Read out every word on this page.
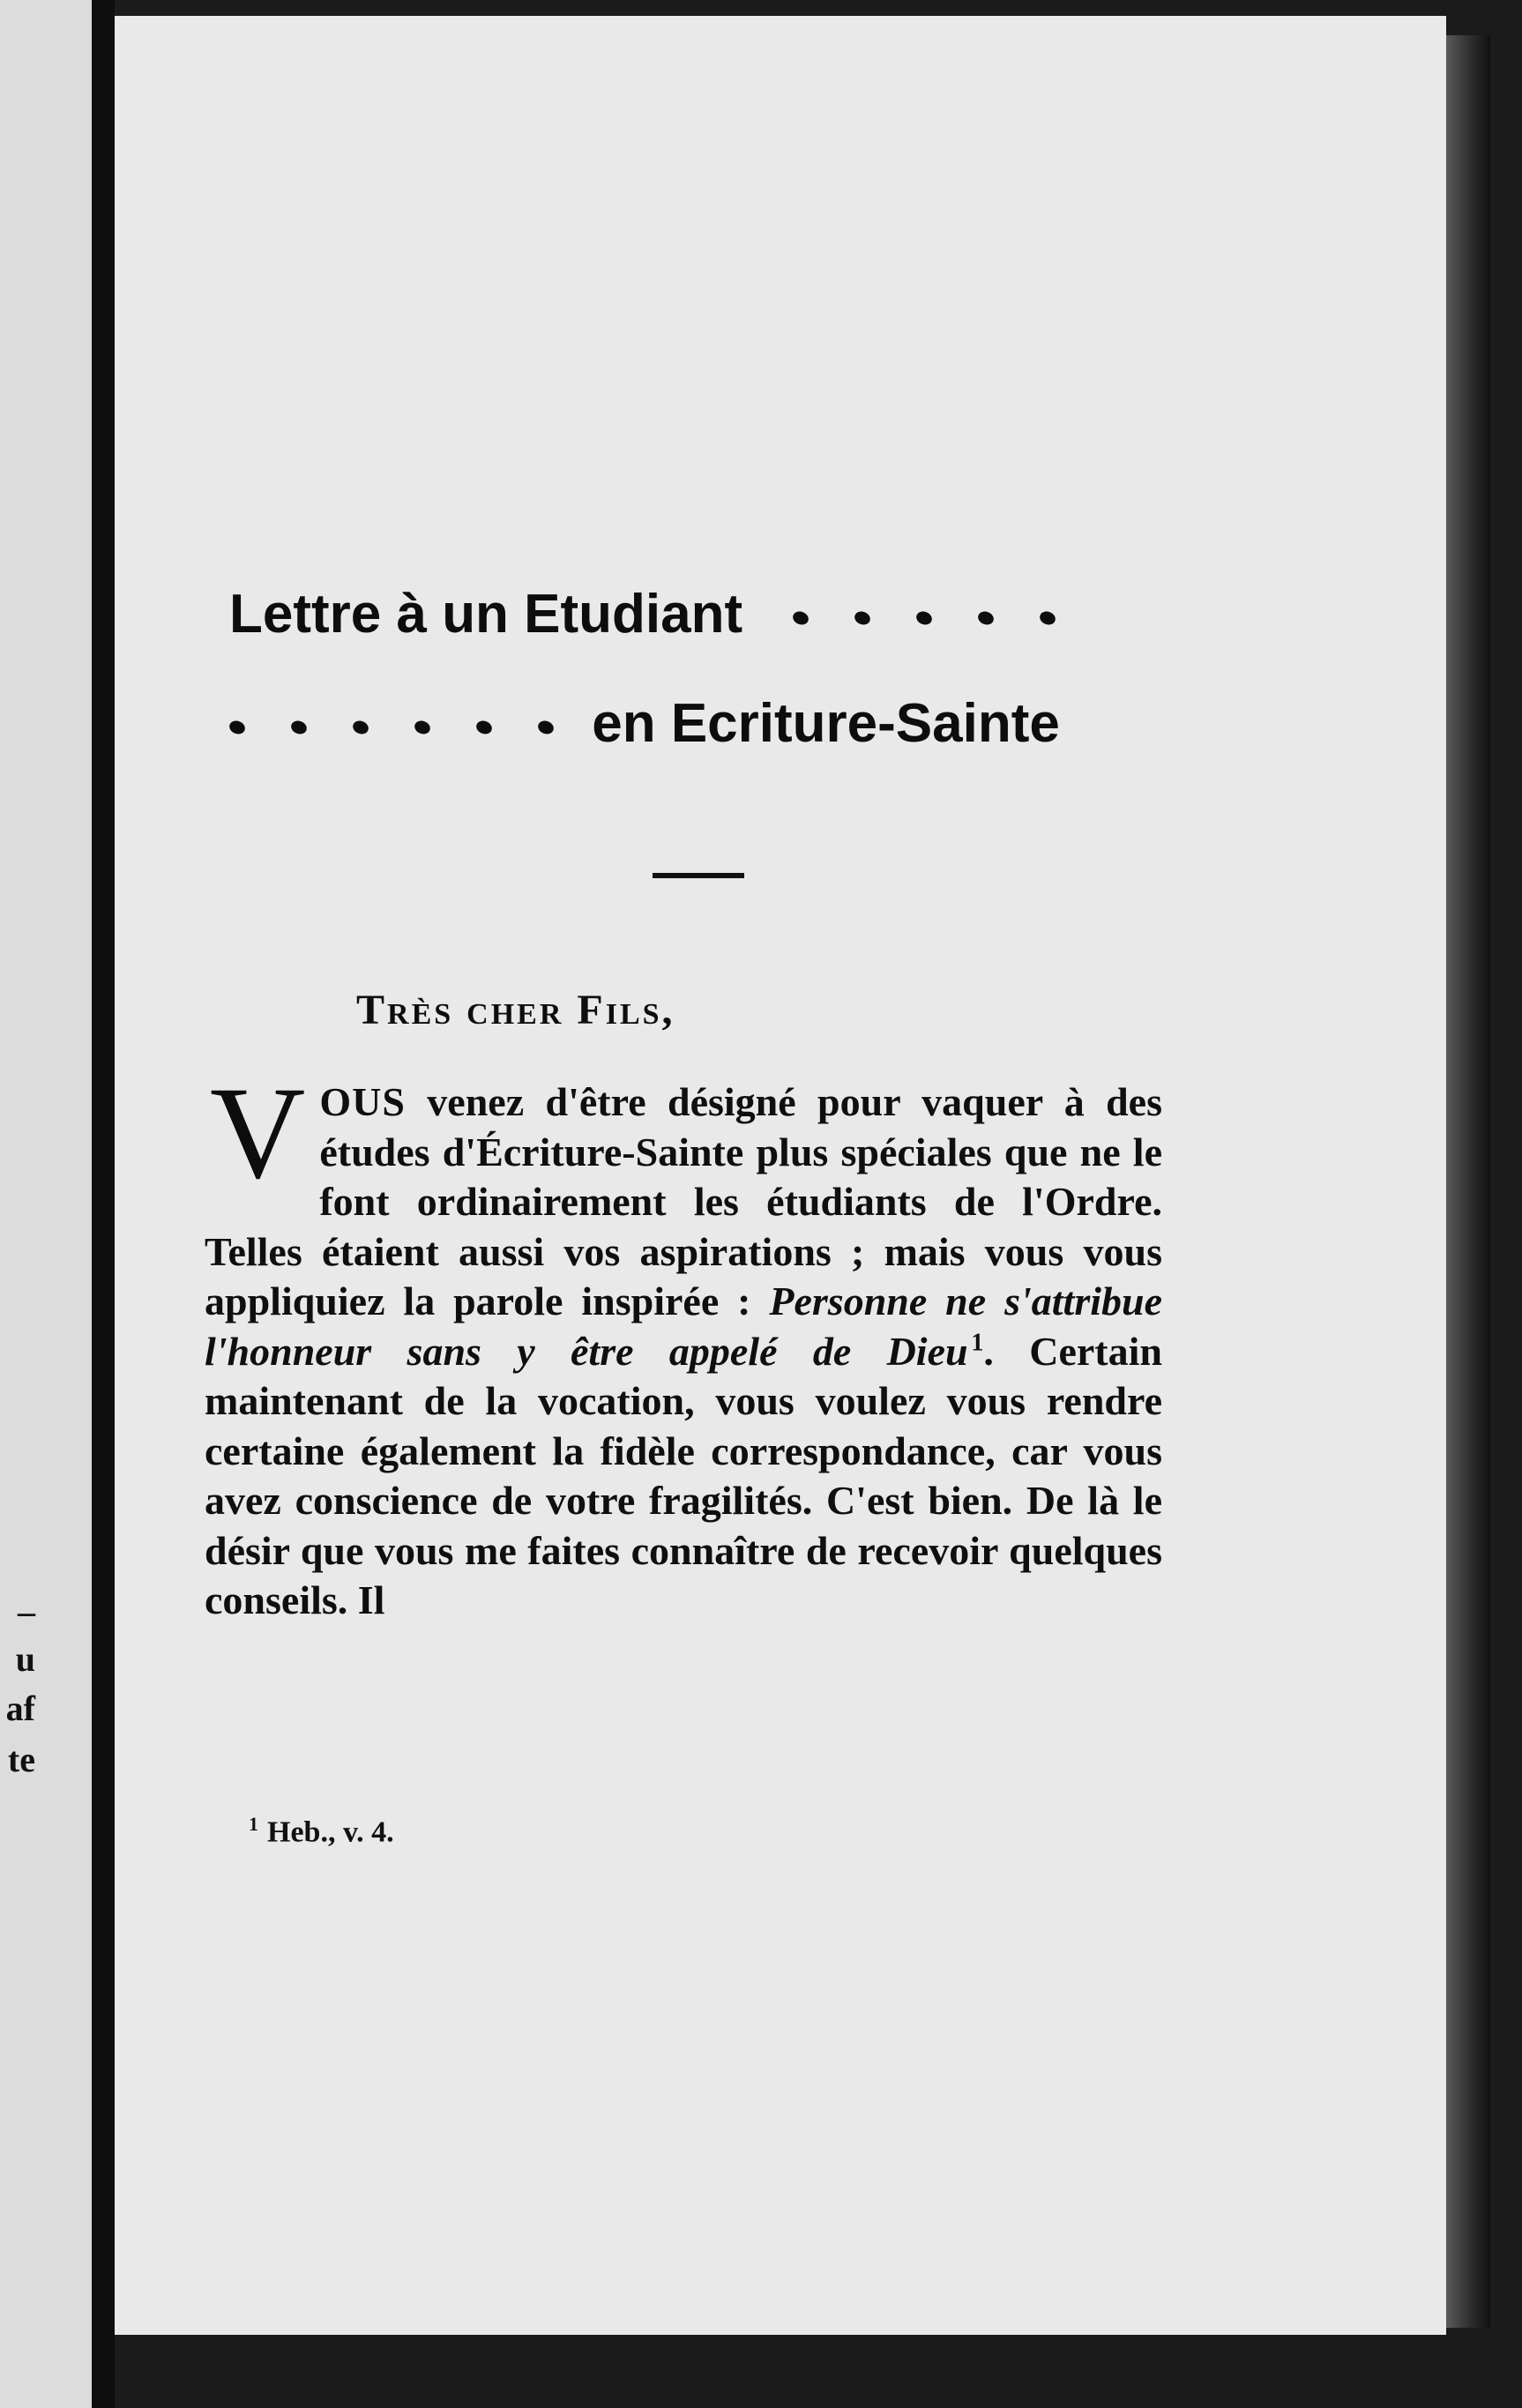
–
u
af
te
Lettre à un Etudiant
en Ecriture-Sainte
Très cher Fils,
VOUS venez d'être désigné pour vaquer à des études d'Écriture-Sainte plus spéciales que ne le font ordinairement les étudiants de l'Ordre. Telles étaient aussi vos aspirations ; mais vous vous appliquiez la parole inspirée : Personne ne s'attribue l'honneur sans y être appelé de Dieu  $^1$. Certain maintenant de la vocation, vous voulez vous rendre certaine également la fidèle correspondance, car vous avez conscience de votre fragilités. C'est bien. De là le désir que vous me faites connaître de recevoir quelques conseils. Il
$^1$ Heb., v. 4.
